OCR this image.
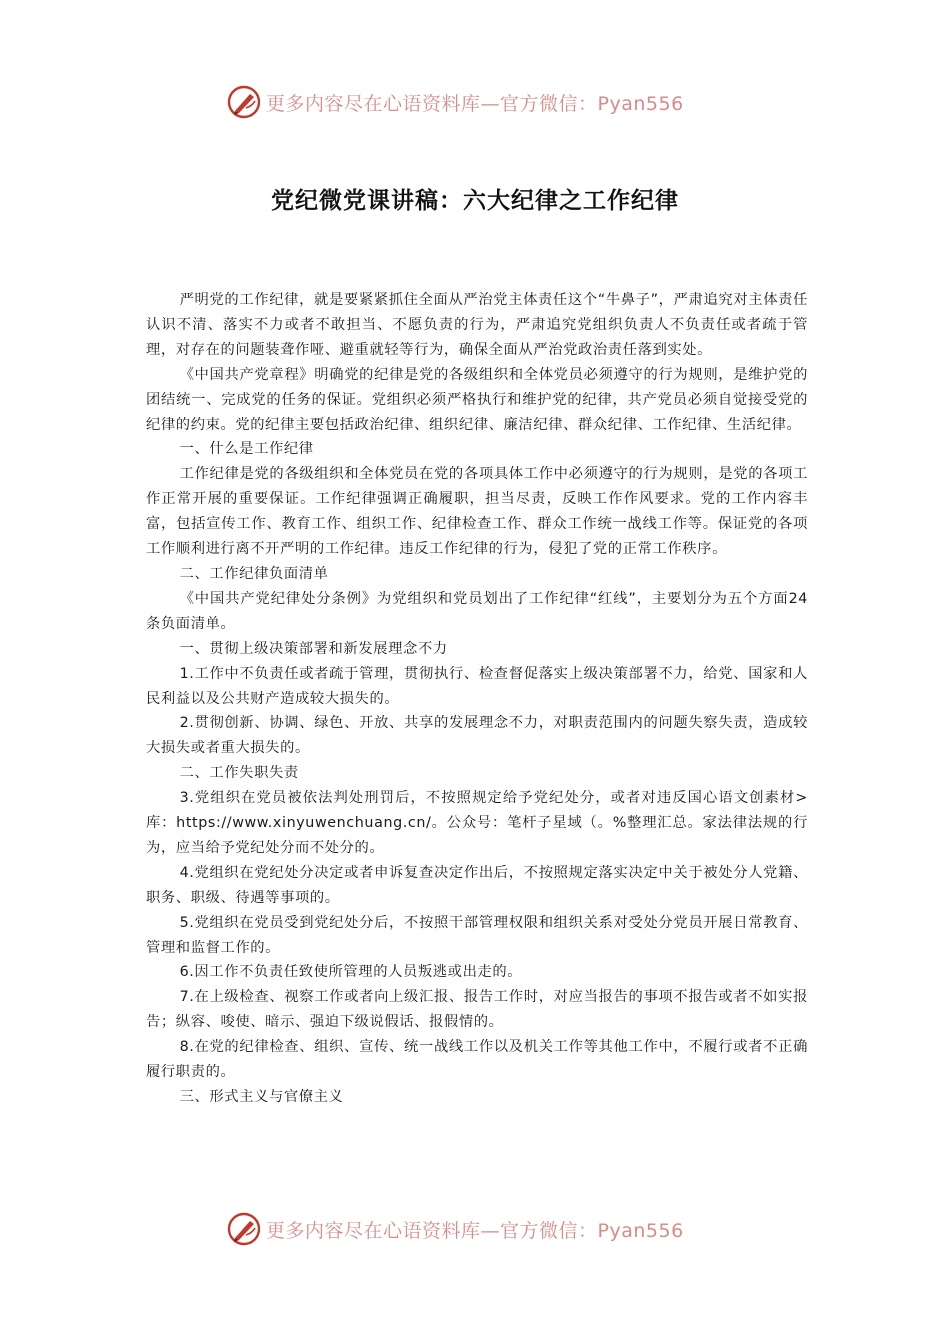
更多内容尽在心语资料库—官方微信：Pyan556
党纪微党课讲稿：六大纪律之工作纪律

严明党的工作纪律，就是要紧紧抓住全面从严治党主体责任这个“牛鼻子”，严肃追究对主体责任认识不清、落实不力或者不敢担当、不愿负责的行为，严肃追究党组织负责人不负责任或者疏于管理，对存在的问题装聋作哑、避重就轻等行为，确保全面从严治党政治责任落到实处。

《中国共产党章程》明确党的纪律是党的各级组织和全体党员必须遵守的行为规则，是维护党的团结统一、完成党的任务的保证。党组织必须严格执行和维护党的纪律，共产党员必须自觉接受党的纪律的约束。党的纪律主要包括政治纪律、组织纪律、廉洁纪律、群众纪律、工作纪律、生活纪律。

一、什么是工作纪律

工作纪律是党的各级组织和全体党员在党的各项具体工作中必须遵守的行为规则，是党的各项工作正常开展的重要保证。工作纪律强调正确履职，担当尽责，反映工作作风要求。党的工作内容丰富，包括宣传工作、教育工作、组织工作、纪律检查工作、群众工作统一战线工作等。保证党的各项工作顺利进行离不开严明的工作纪律。违反工作纪律的行为，侵犯了党的正常工作秩序。

二、工作纪律负面清单

《中国共产党纪律处分条例》为党组织和党员划出了工作纪律“红线”，主要划分为五个方面24条负面清单。

一、贯彻上级决策部署和新发展理念不力

1.工作中不负责任或者疏于管理，贯彻执行、检查督促落实上级决策部署不力，给党、国家和人民利益以及公共财产造成较大损失的。

2.贯彻创新、协调、绿色、开放、共享的发展理念不力，对职责范围内的问题失察失责，造成较大损失或者重大损失的。

二、工作失职失责

3.党组织在党员被依法判处刑罚后，不按照规定给予党纪处分，或者对违反国心语文创素材>库：https://www.xinyuwenchuang.cn/。公众号：笔杆子星域（。%整理汇总。家法律法规的行为，应当给予党纪处分而不处分的。

4.党组织在党纪处分决定或者申诉复查决定作出后，不按照规定落实决定中关于被处分人党籍、职务、职级、待遇等事项的。

5.党组织在党员受到党纪处分后，不按照干部管理权限和组织关系对受处分党员开展日常教育、管理和监督工作的。

6.因工作不负责任致使所管理的人员叛逃或出走的。

7.在上级检查、视察工作或者向上级汇报、报告工作时，对应当报告的事项不报告或者不如实报告；纵容、唆使、暗示、强迫下级说假话、报假情的。

8.在党的纪律检查、组织、宣传、统一战线工作以及机关工作等其他工作中，不履行或者不正确履行职责的。

三、形式主义与官僚主义

更多内容尽在心语资料库—官方微信：Pyan556
